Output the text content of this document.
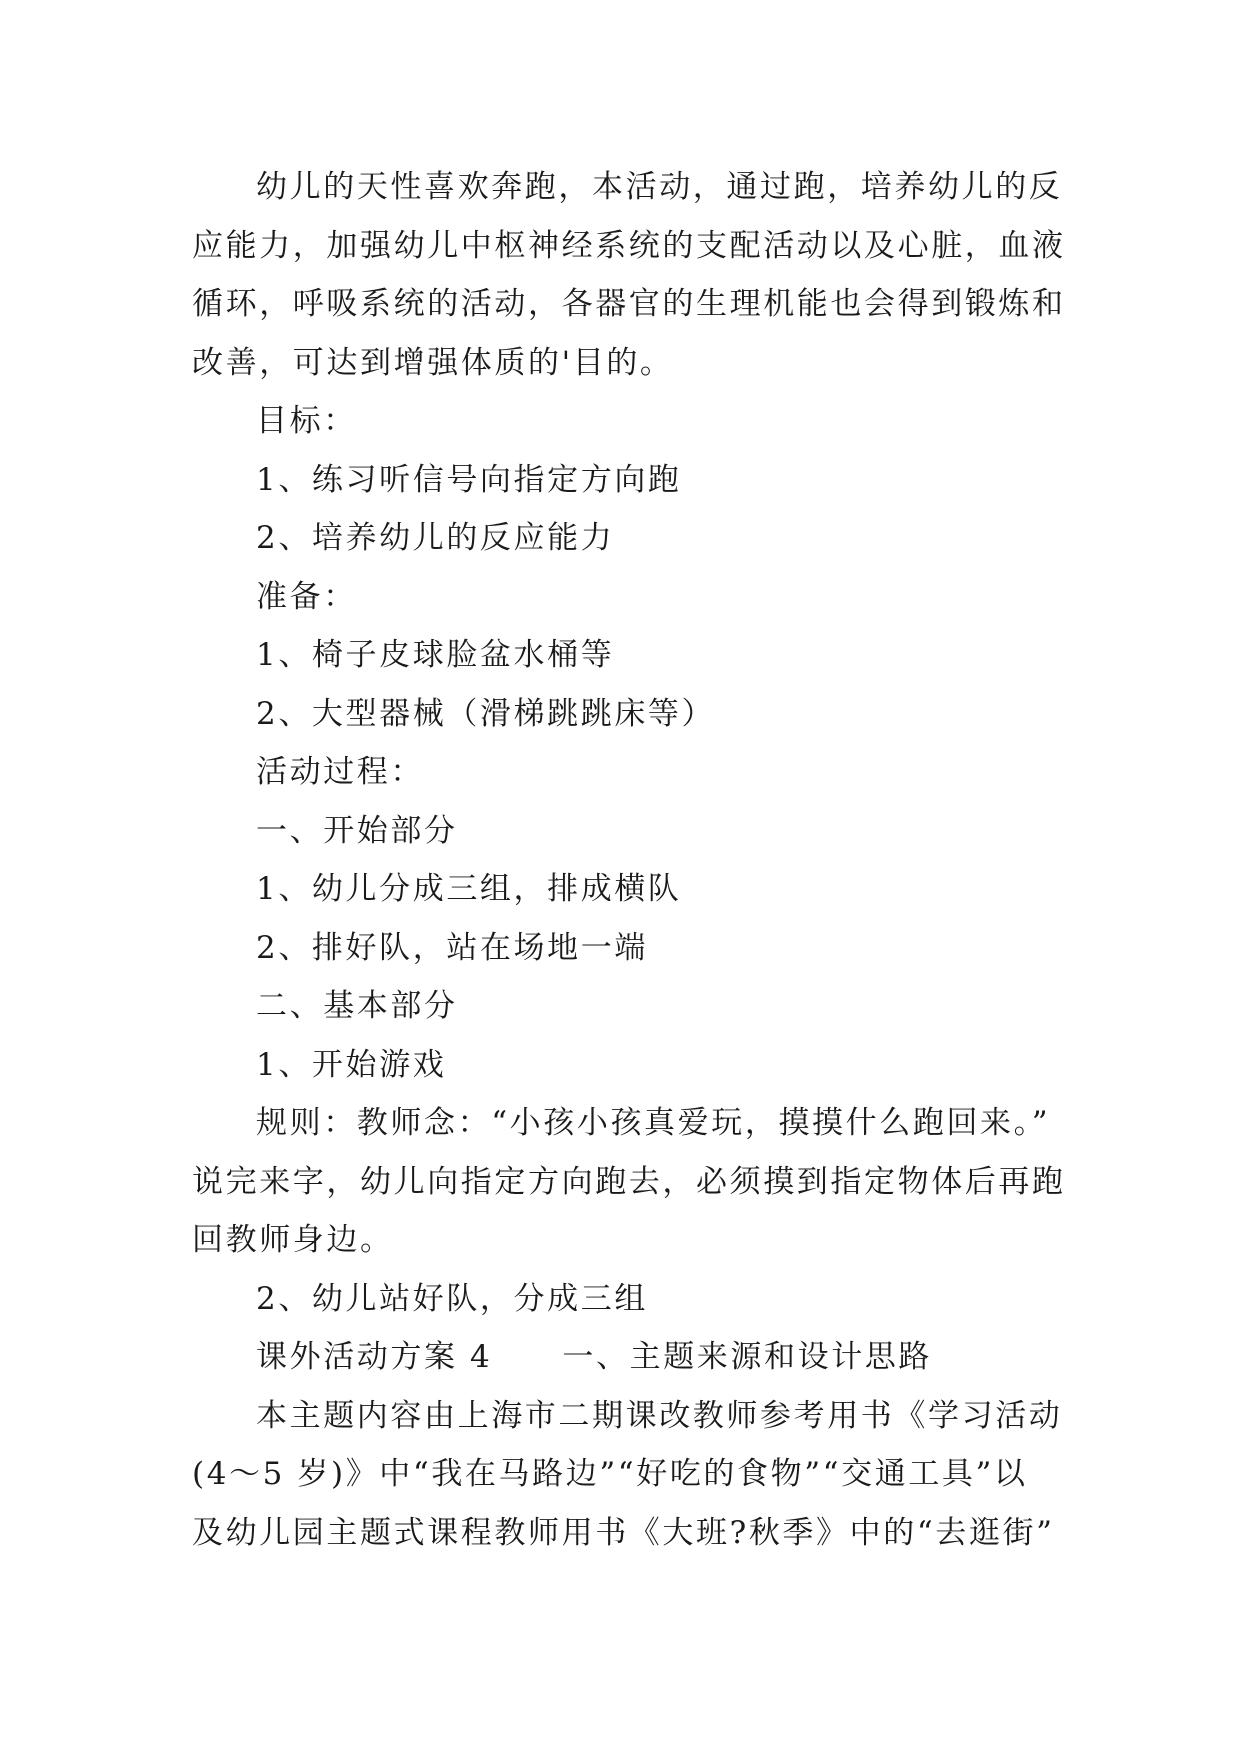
幼儿的天性喜欢奔跑，本活动，通过跑，培养幼儿的反

应能力，加强幼儿中枢神经系统的支配活动以及心脏，血液

循环，呼吸系统的活动，各器官的生理机能也会得到锻炼和

改善，可达到增强体质的'目的。

目标：

1、练习听信号向指定方向跑

2、培养幼儿的反应能力

准备：

1、椅子皮球脸盆水桶等

2、大型器械（滑梯跳跳床等）

活动过程：

一、开始部分

1、幼儿分成三组，排成横队

2、排好队，站在场地一端

二、基本部分

1、开始游戏

规则：教师念：“小孩小孩真爱玩，摸摸什么跑回来。”

说完来字，幼儿向指定方向跑去，必须摸到指定物体后再跑

回教师身边。

2、幼儿站好队，分成三组

课外活动方案 4 一、主题来源和设计思路

本主题内容由上海市二期课改教师参考用书《学习活动

(4～5 岁)》中“我在马路边”“好吃的食物”“交通工具”以

及幼儿园主题式课程教师用书《大班?秋季》中的“去逛街”
